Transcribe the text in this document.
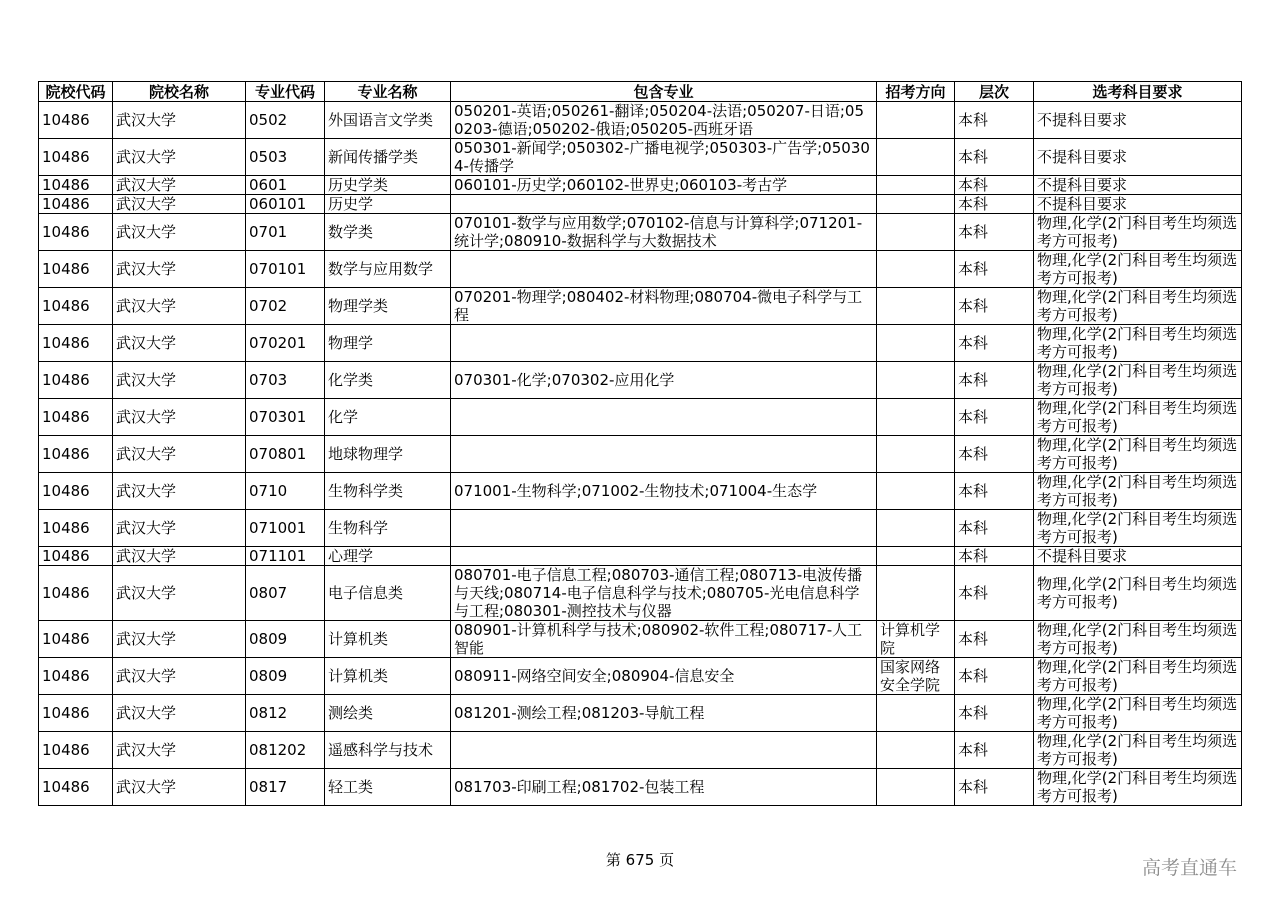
院校代码	院校名称	专业代码	专业名称	包含专业	招考方向	层次	选考科目要求
10486	武汉大学	0502	外国语言文学类	050201-英语;050261-翻译;050204-法语;050207-日语;050203-德语;050202-俄语;050205-西班牙语		本科	不提科目要求
10486	武汉大学	0503	新闻传播学类	050301-新闻学;050302-广播电视学;050303-广告学;050304-传播学		本科	不提科目要求
10486	武汉大学	0601	历史学类	060101-历史学;060102-世界史;060103-考古学		本科	不提科目要求
10486	武汉大学	060101	历史学			本科	不提科目要求
10486	武汉大学	0701	数学类	070101-数学与应用数学;070102-信息与计算科学;071201-统计学;080910-数据科学与大数据技术		本科	物理,化学(2门科目考生均须选考方可报考)
10486	武汉大学	070101	数学与应用数学			本科	物理,化学(2门科目考生均须选考方可报考)
10486	武汉大学	0702	物理学类	070201-物理学;080402-材料物理;080704-微电子科学与工程		本科	物理,化学(2门科目考生均须选考方可报考)
10486	武汉大学	070201	物理学			本科	物理,化学(2门科目考生均须选考方可报考)
10486	武汉大学	0703	化学类	070301-化学;070302-应用化学		本科	物理,化学(2门科目考生均须选考方可报考)
10486	武汉大学	070301	化学			本科	物理,化学(2门科目考生均须选考方可报考)
10486	武汉大学	070801	地球物理学			本科	物理,化学(2门科目考生均须选考方可报考)
10486	武汉大学	0710	生物科学类	071001-生物科学;071002-生物技术;071004-生态学		本科	物理,化学(2门科目考生均须选考方可报考)
10486	武汉大学	071001	生物科学			本科	物理,化学(2门科目考生均须选考方可报考)
10486	武汉大学	071101	心理学			本科	不提科目要求
10486	武汉大学	0807	电子信息类	080701-电子信息工程;080703-通信工程;080713-电波传播与天线;080714-电子信息科学与技术;080705-光电信息科学与工程;080301-测控技术与仪器		本科	物理,化学(2门科目考生均须选考方可报考)
10486	武汉大学	0809	计算机类	080901-计算机科学与技术;080902-软件工程;080717-人工智能	计算机学院	本科	物理,化学(2门科目考生均须选考方可报考)
10486	武汉大学	0809	计算机类	080911-网络空间安全;080904-信息安全	国家网络安全学院	本科	物理,化学(2门科目考生均须选考方可报考)
10486	武汉大学	0812	测绘类	081201-测绘工程;081203-导航工程		本科	物理,化学(2门科目考生均须选考方可报考)
10486	武汉大学	081202	遥感科学与技术			本科	物理,化学(2门科目考生均须选考方可报考)
10486	武汉大学	0817	轻工类	081703-印刷工程;081702-包装工程		本科	物理,化学(2门科目考生均须选考方可报考)
第 675 页	高考直通车
